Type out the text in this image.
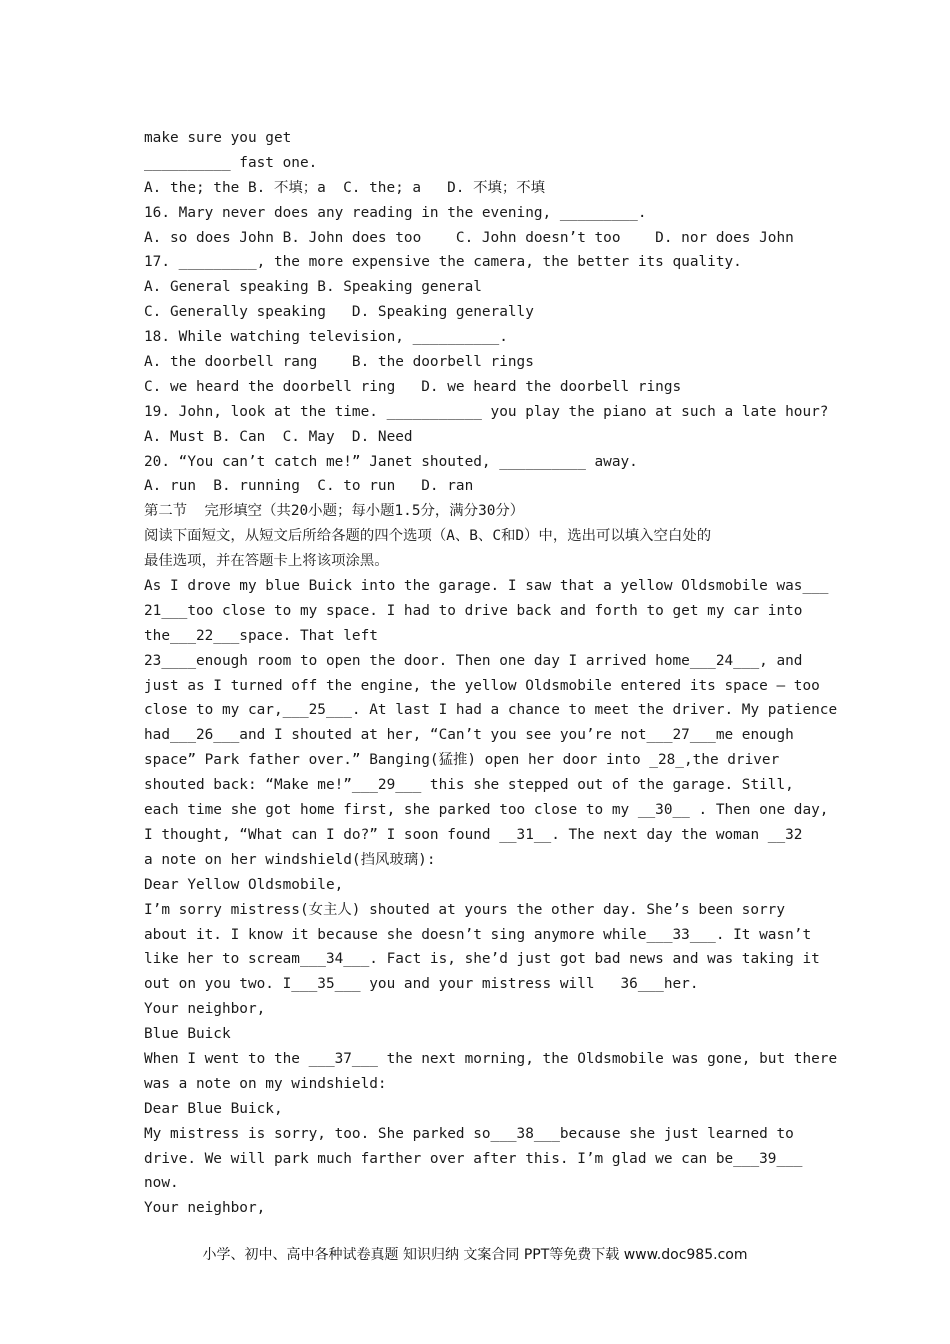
make sure you get
__________ fast one.
A. the; the B. 不填；a  C. the; a   D. 不填；不填
16. Mary never does any reading in the evening, _________.
A. so does John B. John does too    C. John doesn’t too    D. nor does John
17. _________, the more expensive the camera, the better its quality.
A. General speaking B. Speaking general
C. Generally speaking   D. Speaking generally
18. While watching television, __________.
A. the doorbell rang    B. the doorbell rings
C. we heard the doorbell ring   D. we heard the doorbell rings
19. John, look at the time. ___________ you play the piano at such a late hour?
A. Must B. Can  C. May  D. Need
20. “You can’t catch me!” Janet shouted, __________ away.
A. run  B. running  C. to run   D. ran
第二节  完形填空（共20小题；每小题1.5分，满分30分）
阅读下面短文，从短文后所给各题的四个选项（A、B、C和D）中，选出可以填入空白处的
最佳选项，并在答题卡上将该项涂黑。
As I drove my blue Buick into the garage. I saw that a yellow Oldsmobile was___
21___too close to my space. I had to drive back and forth to get my car into
the___22___space. That left
23____enough room to open the door. Then one day I arrived home___24___, and
just as I turned off the engine, the yellow Oldsmobile entered its space — too
close to my car,___25___. At last I had a chance to meet the driver. My patience
had___26___and I shouted at her, “Can’t you see you’re not___27___me enough
space” Park father over.” Banging(猛推) open her door into _28_,the driver
shouted back: “Make me!”___29___ this she stepped out of the garage. Still,
each time she got home first, she parked too close to my __30__ . Then one day,
I thought, “What can I do?” I soon found __31__. The next day the woman __32
a note on her windshield(挡风玻璃):
Dear Yellow Oldsmobile,
I’m sorry mistress(女主人) shouted at yours the other day. She’s been sorry
about it. I know it because she doesn’t sing anymore while___33___. It wasn’t
like her to scream___34___. Fact is, she’d just got bad news and was taking it
out on you two. I___35___ you and your mistress will   36___her.
Your neighbor,
Blue Buick
When I went to the ___37___ the next morning, the Oldsmobile was gone, but there
was a note on my windshield:
Dear Blue Buick,
My mistress is sorry, too. She parked so___38___because she just learned to
drive. We will park much farther over after this. I’m glad we can be___39___
now.
Your neighbor,
小学、初中、高中各种试卷真题 知识归纳 文案合同 PPT等免费下载 www.doc985.com
